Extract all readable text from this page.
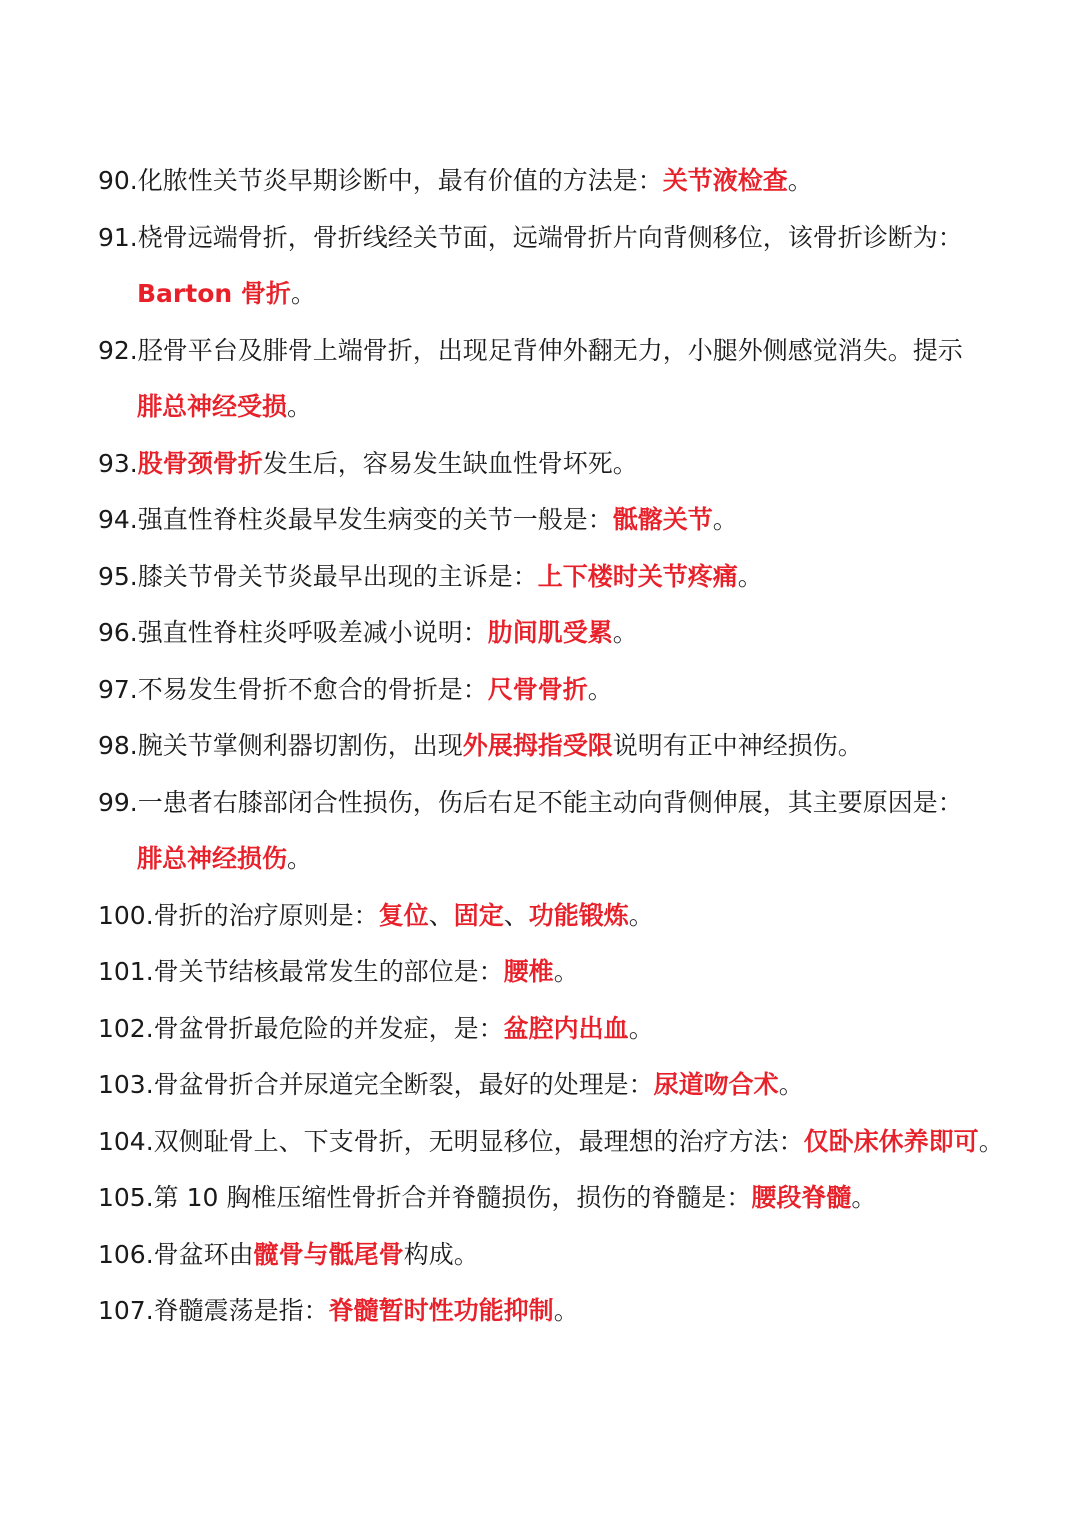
90.化脓性关节炎早期诊断中，最有价值的方法是：关节液检查。
91.桡骨远端骨折，骨折线经关节面，远端骨折片向背侧移位，该骨折诊断为：
Barton 骨折。
92.胫骨平台及腓骨上端骨折，出现足背伸外翻无力，小腿外侧感觉消失。提示
腓总神经受损。
93.股骨颈骨折发生后，容易发生缺血性骨坏死。
94.强直性脊柱炎最早发生病变的关节一般是：骶髂关节。
95.膝关节骨关节炎最早出现的主诉是：上下楼时关节疼痛。
96.强直性脊柱炎呼吸差减小说明：肋间肌受累。
97.不易发生骨折不愈合的骨折是：尺骨骨折。
98.腕关节掌侧利器切割伤，出现外展拇指受限说明有正中神经损伤。
99.一患者右膝部闭合性损伤，伤后右足不能主动向背侧伸展，其主要原因是：
腓总神经损伤。
100.骨折的治疗原则是：复位、固定、功能锻炼。
101.骨关节结核最常发生的部位是：腰椎。
102.骨盆骨折最危险的并发症，是：盆腔内出血。
103.骨盆骨折合并尿道完全断裂，最好的处理是：尿道吻合术。
104.双侧耻骨上、下支骨折，无明显移位，最理想的治疗方法：仅卧床休养即可。
105.第 10 胸椎压缩性骨折合并脊髓损伤，损伤的脊髓是：腰段脊髓。
106.骨盆环由髋骨与骶尾骨构成。
107.脊髓震荡是指：脊髓暂时性功能抑制。
